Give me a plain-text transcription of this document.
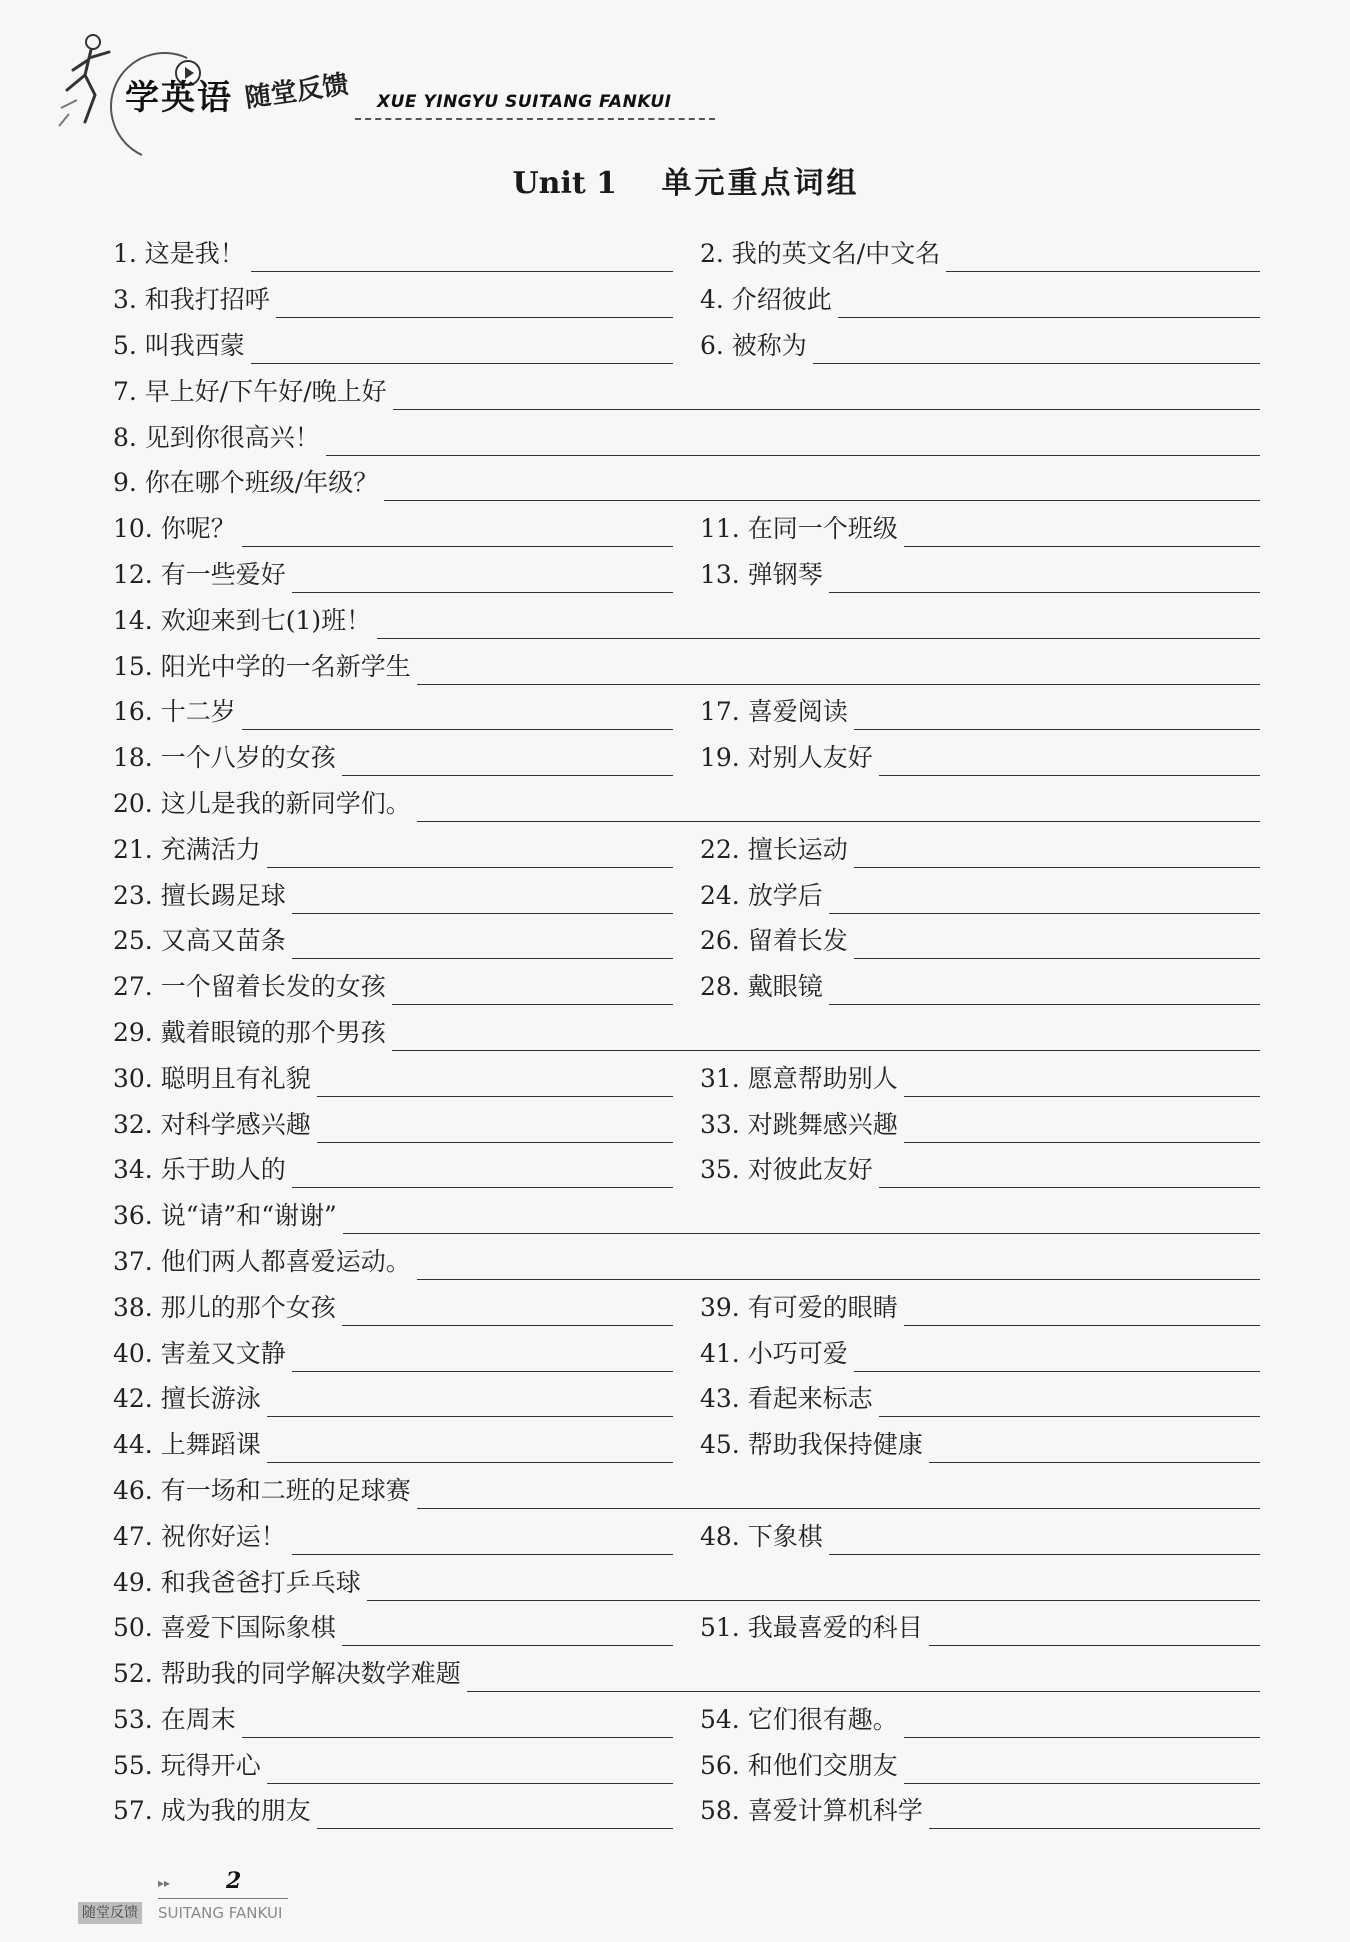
学英语 随堂反馈 XUE YINGYU SUITANG FANKUI
Unit 1 单元重点词组
1. 这是我！	2. 我的英文名/中文名
3. 和我打招呼	4. 介绍彼此
5. 叫我西蒙	6. 被称为
7. 早上好/下午好/晚上好
8. 见到你很高兴！
9. 你在哪个班级/年级？
10. 你呢？	11. 在同一个班级
12. 有一些爱好	13. 弹钢琴
14. 欢迎来到七(1)班！
15. 阳光中学的一名新学生
16. 十二岁	17. 喜爱阅读
18. 一个八岁的女孩	19. 对别人友好
20. 这儿是我的新同学们。
21. 充满活力	22. 擅长运动
23. 擅长踢足球	24. 放学后
25. 又高又苗条	26. 留着长发
27. 一个留着长发的女孩	28. 戴眼镜
29. 戴着眼镜的那个男孩
30. 聪明且有礼貌	31. 愿意帮助别人
32. 对科学感兴趣	33. 对跳舞感兴趣
34. 乐于助人的	35. 对彼此友好
36. 说“请”和“谢谢”
37. 他们两人都喜爱运动。
38. 那儿的那个女孩	39. 有可爱的眼睛
40. 害羞又文静	41. 小巧可爱
42. 擅长游泳	43. 看起来标志
44. 上舞蹈课	45. 帮助我保持健康
46. 有一场和二班的足球赛
47. 祝你好运！	48. 下象棋
49. 和我爸爸打乒乓球
50. 喜爱下国际象棋	51. 我最喜爱的科目
52. 帮助我的同学解决数学难题
53. 在周末	54. 它们很有趣。
55. 玩得开心	56. 和他们交朋友
57. 成为我的朋友	58. 喜爱计算机科学
▸▸	2
随堂反馈 SUITANG FANKUI
